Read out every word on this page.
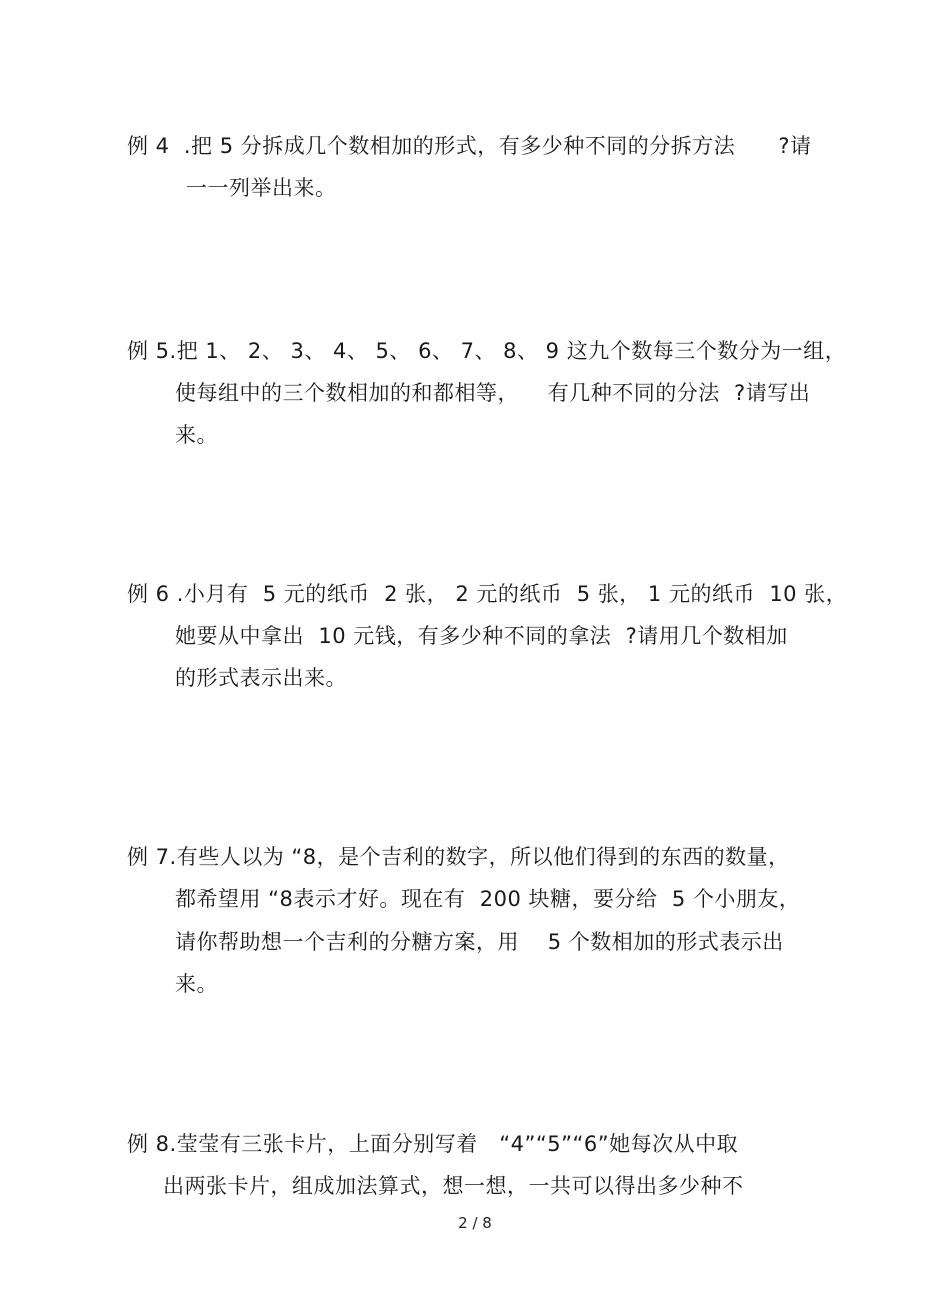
例 4  .把 5 分拆成几个数相加的形式，有多少种不同的分拆方法      ?请
一一列举出来。
例 5.把 1、 2、 3、 4、 5、 6、 7、 8、 9 这九个数每三个数分为一组，
使每组中的三个数相加的和都相等，    有几种不同的分法  ?请写出
来。
例 6 .小月有  5 元的纸币  2 张， 2 元的纸币  5 张， 1 元的纸币  10 张，
她要从中拿出  10 元钱，有多少种不同的拿法  ?请用几个数相加
的形式表示出来。
例 7.有些人以为 “8，是个吉利的数字，所以他们得到的东西的数量，
都希望用 “8表示才好。现在有  200 块糖，要分给  5 个小朋友，
请你帮助想一个吉利的分糖方案，用    5 个数相加的形式表示出
来。
例 8.莹莹有三张卡片，上面分别写着   “4”“5”“6”她每次从中取
出两张卡片，组成加法算式，想一想，一共可以得出多少种不
2 / 8
